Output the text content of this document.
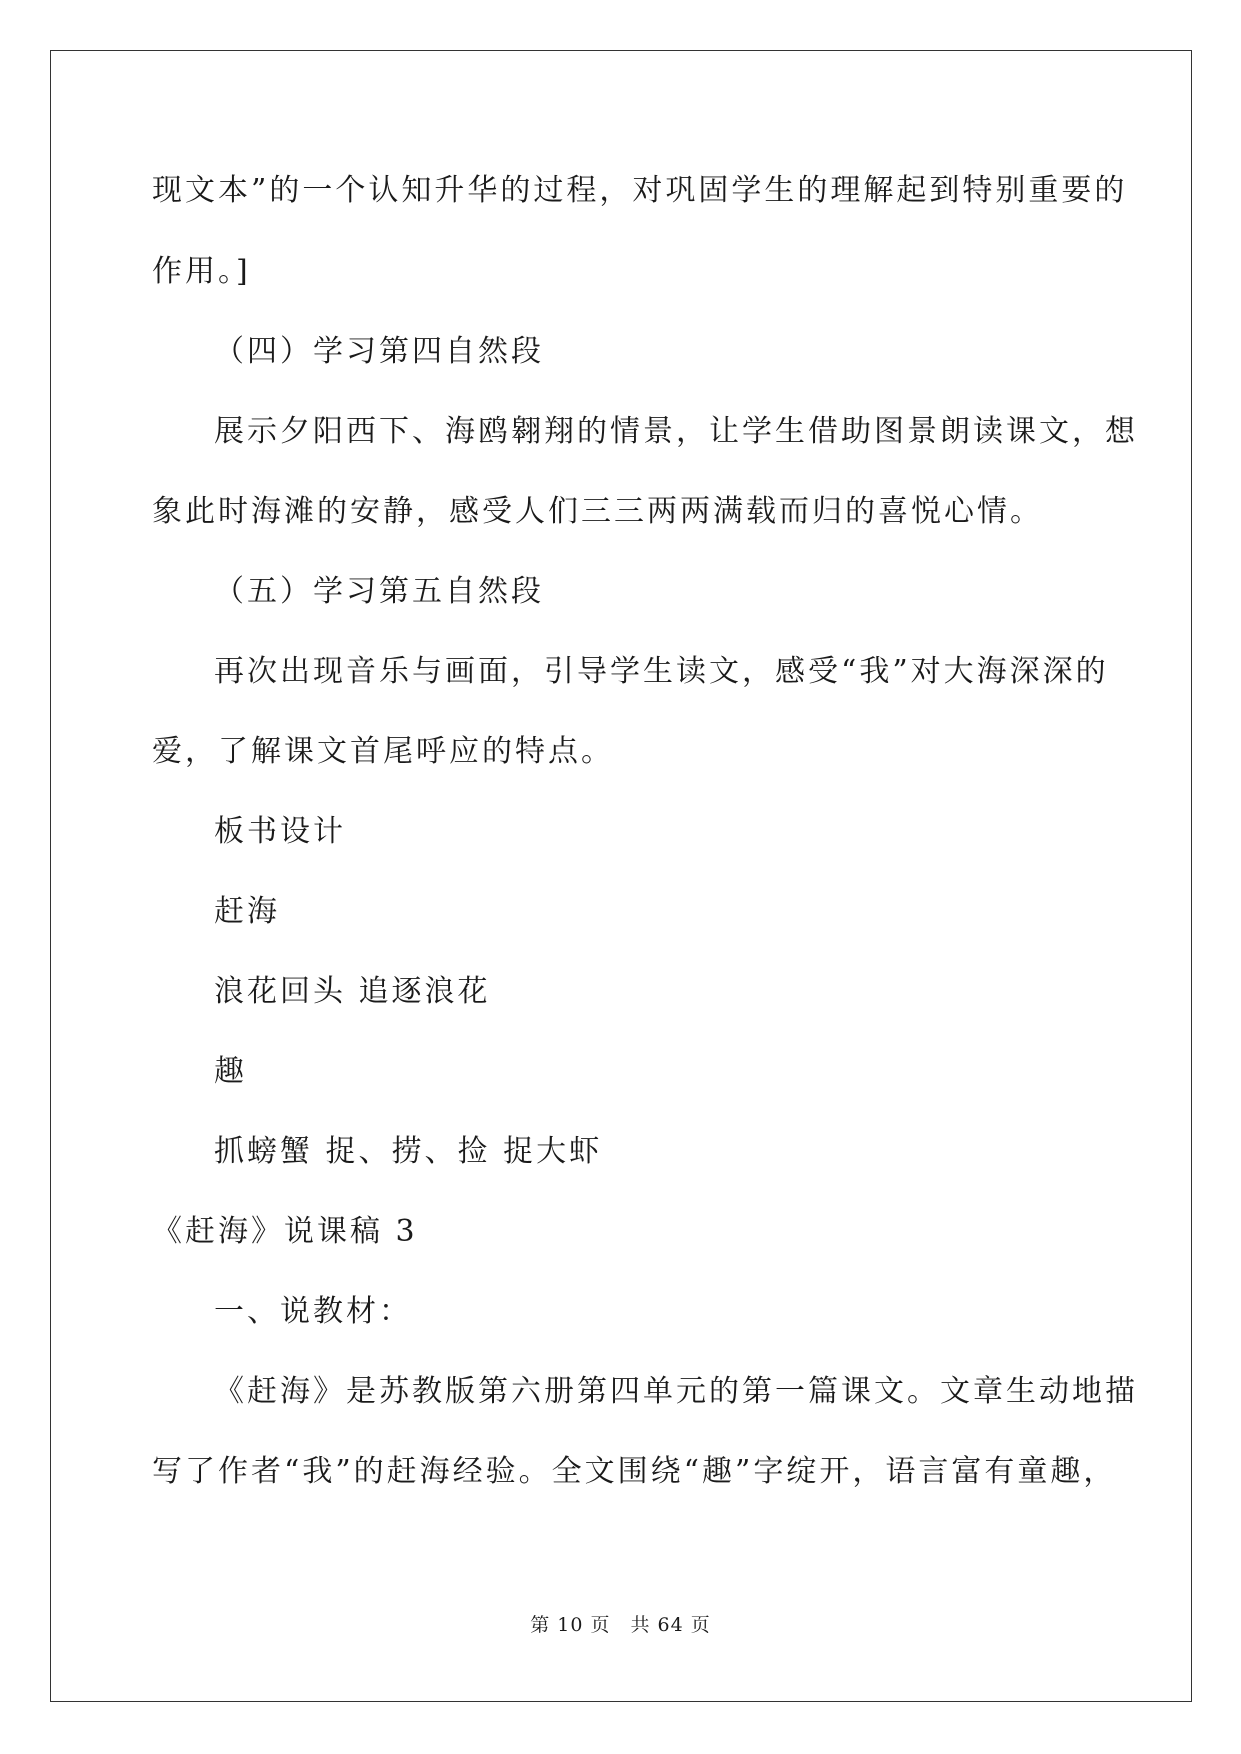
现文本”的一个认知升华的过程，对巩固学生的理解起到特别重要的
作用。]
（四）学习第四自然段
展示夕阳西下、海鸥翱翔的情景，让学生借助图景朗读课文，想
象此时海滩的安静，感受人们三三两两满载而归的喜悦心情。
（五）学习第五自然段
再次出现音乐与画面，引导学生读文，感受“我”对大海深深的
爱，了解课文首尾呼应的特点。
板书设计
赶海
浪花回头 追逐浪花
趣
抓螃蟹 捉、捞、捡 捉大虾
《赶海》说课稿 3
一、说教材：
《赶海》是苏教版第六册第四单元的第一篇课文。文章生动地描
写了作者“我”的赶海经验。全文围绕“趣”字绽开，语言富有童趣，
第 10 页 共 64 页
